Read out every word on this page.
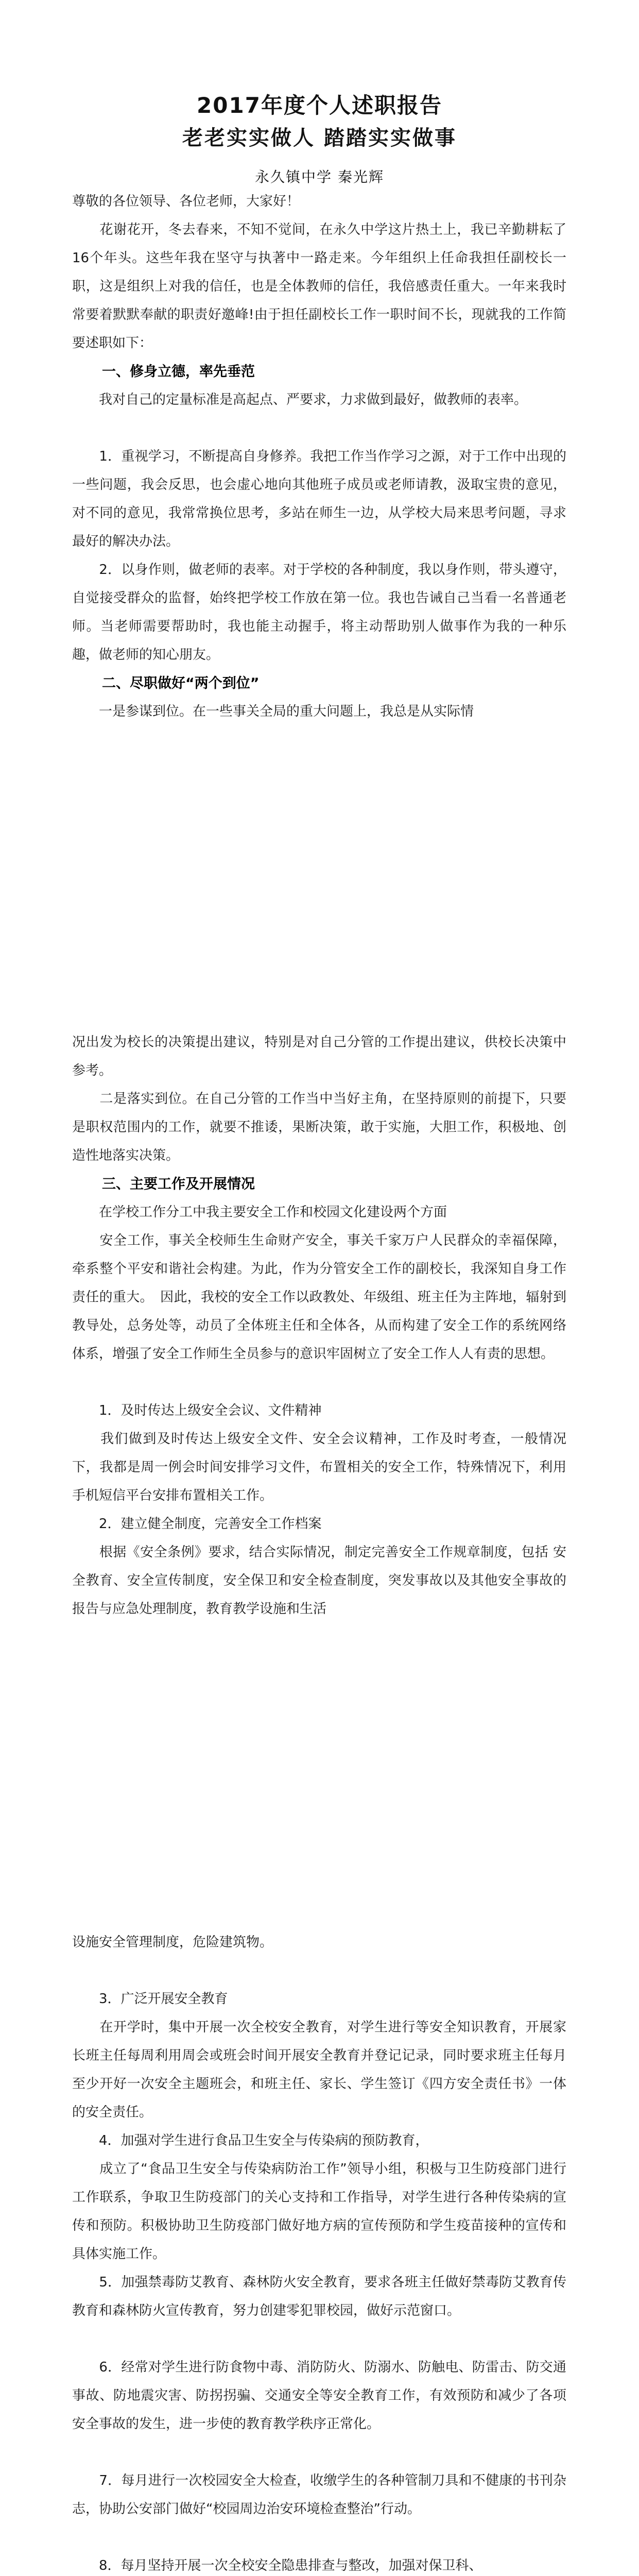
2017年度个人述职报告
老老实实做人 踏踏实实做事
永久镇中学 秦光辉
尊敬的各位领导、各位老师，大家好！
　　花谢花开，冬去春来，不知不觉间，在永久中学这片热土上，我已辛勤耕耘了16个年头。这些年我在坚守与执著中一路走来。今年组织上任命我担任副校长一职，这是组织上对我的信任，也是全体教师的信任，我倍感责任重大。一年来我时常要着默默奉献的职责好邀峰!由于担任副校长工作一职时间不长，现就我的工作简要述职如下：
一、修身立德，率先垂范
　　我对自己的定量标准是高起点、严要求，力求做到最好，做教师的表率。
　　1．重视学习，不断提高自身修养。我把工作当作学习之源，对于工作中出现的一些问题，我会反思，也会虚心地向其他班子成员或老师请教，汲取宝贵的意见，对不同的意见，我常常换位思考，多站在师生一边，从学校大局来思考问题，寻求最好的解决办法。
　　2．以身作则，做老师的表率。对于学校的各种制度，我以身作则，带头遵守，自觉接受群众的监督，始终把学校工作放在第一位。我也告诫自己当看一名普通老师。当老师需要帮助时，我也能主动握手，将主动帮助别人做事作为我的一种乐趣，做老师的知心朋友。
二、尽职做好“两个到位”
　　一是参谋到位。在一些事关全局的重大问题上，我总是从实际情
况出发为校长的决策提出建议，特别是对自己分管的工作提出建议，供校长决策中参考。
　　二是落实到位。在自己分管的工作当中当好主角，在坚持原则的前提下，只要是职权范围内的工作，就要不推诿，果断决策，敢于实施，大胆工作，积极地、创造性地落实决策。
三、主要工作及开展情况
　　在学校工作分工中我主要安全工作和校园文化建设两个方面
　　安全工作，事关全校师生生命财产安全，事关千家万户人民群众的幸福保障，牵系整个平安和谐社会构建。为此，作为分管安全工作的副校长，我深知自身工作责任的重大。　因此，我校的安全工作以政教处、年级组、班主任为主阵地，辐射到教导处，总务处等，动员了全体班主任和全体各，从而构建了安全工作的系统网络体系，增强了安全工作师生全员参与的意识牢固树立了安全工作人人有责的思想。
　　1．及时传达上级安全会议、文件精神
　　我们做到及时传达上级安全文件、安全会议精神，工作及时考查，一般情况下，我都是周一例会时间安排学习文件，布置相关的安全工作，特殊情况下，利用手机短信平台安排布置相关工作。
　　2．建立健全制度，完善安全工作档案
　　根据《安全条例》要求，结合实际情况，制定完善安全工作规章制度，包括 安全教育、安全宣传制度，安全保卫和安全检查制度，突发事故以及其他安全事故的报告与应急处理制度，教育教学设施和生活
设施安全管理制度，危险建筑物。
　　3．广泛开展安全教育
　　在开学时，集中开展一次全校安全教育，对学生进行等安全知识教育，开展家长班主任每周利用周会或班会时间开展安全教育并登记记录，同时要求班主任每月至少开好一次安全主题班会，和班主任、家长、学生签订《四方安全责任书》一体的安全责任。
　　4．加强对学生进行食品卫生安全与传染病的预防教育，
　　成立了“食品卫生安全与传染病防治工作”领导小组，积极与卫生防疫部门进行工作联系，争取卫生防疫部门的关心支持和工作指导，对学生进行各种传染病的宣传和预防。积极协助卫生防疫部门做好地方病的宣传预防和学生疫苗接种的宣传和具体实施工作。
　　5．加强禁毒防艾教育、森林防火安全教育，要求各班主任做好禁毒防艾教育传教育和森林防火宣传教育，努力创建零犯罪校园，做好示范窗口。
　　6．经常对学生进行防食物中毒、消防防火、防溺水、防触电、防雷击、防交通事故、防地震灾害、防拐拐骗、交通安全等安全教育工作，有效预防和减少了各项安全事故的发生，进一步使的教育教学秩序正常化。
　　7．每月进行一次校园安全大检查，收缴学生的各种管制刀具和不健康的书刊杂志，协助公安部门做好“校园周边治安环境检查整治”行动。
　　8．每月坚持开展一次全校安全隐患排查与整改，加强对保卫科、
